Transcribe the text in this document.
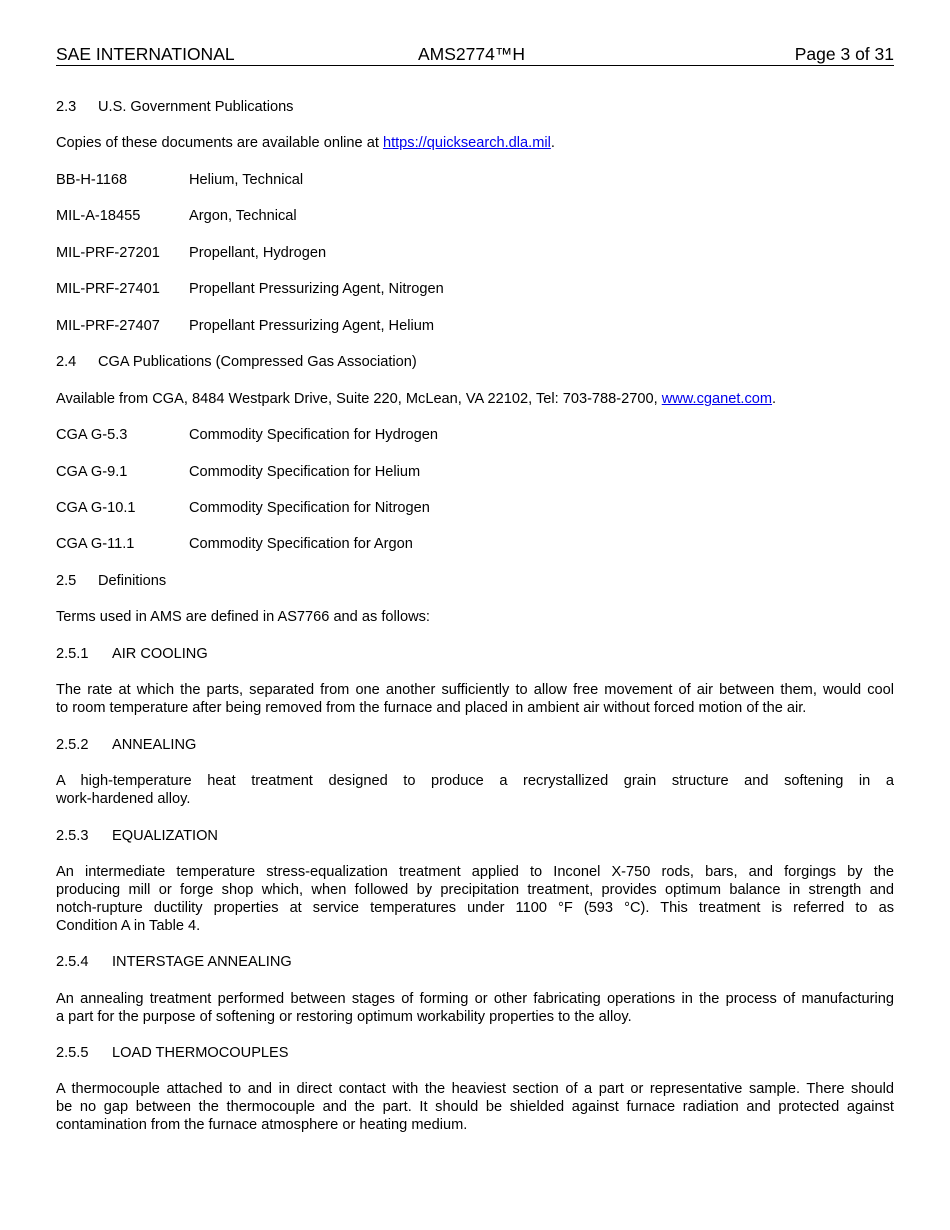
SAE INTERNATIONAL	AMS2774™H	Page 3 of 31
2.3 U.S. Government Publications
Copies of these documents are available online at https://quicksearch.dla.mil.
BB-H-1168	Helium, Technical
MIL-A-18455	Argon, Technical
MIL-PRF-27201 Propellant, Hydrogen
MIL-PRF-27401 Propellant Pressurizing Agent, Nitrogen
MIL-PRF-27407 Propellant Pressurizing Agent, Helium
2.4 CGA Publications (Compressed Gas Association)
Available from CGA, 8484 Westpark Drive, Suite 220, McLean, VA 22102, Tel: 703-788-2700, www.cganet.com.
CGA G-5.3	Commodity Specification for Hydrogen
CGA G-9.1	Commodity Specification for Helium
CGA G-10.1	Commodity Specification for Nitrogen
CGA G-11.1	Commodity Specification for Argon
2.5 Definitions
Terms used in AMS are defined in AS7766 and as follows:
2.5.1 AIR COOLING
The rate at which the parts, separated from one another sufficiently to allow free movement of air between them, would cool
to room temperature after being removed from the furnace and placed in ambient air without forced motion of the air.
2.5.2 ANNEALING
A high-temperature heat treatment designed to produce a recrystallized grain structure and softening in a
work-hardened alloy.
2.5.3 EQUALIZATION
An intermediate temperature stress-equalization treatment applied to Inconel X-750 rods, bars, and forgings by the
producing mill or forge shop which, when followed by precipitation treatment, provides optimum balance in strength and
notch-rupture ductility properties at service temperatures under 1100 °F (593 °C). This treatment is referred to as
Condition A in Table 4.
2.5.4 INTERSTAGE ANNEALING
An annealing treatment performed between stages of forming or other fabricating operations in the process of manufacturing
a part for the purpose of softening or restoring optimum workability properties to the alloy.
2.5.5 LOAD THERMOCOUPLES
A thermocouple attached to and in direct contact with the heaviest section of a part or representative sample. There should
be no gap between the thermocouple and the part. It should be shielded against furnace radiation and protected against
contamination from the furnace atmosphere or heating medium.
